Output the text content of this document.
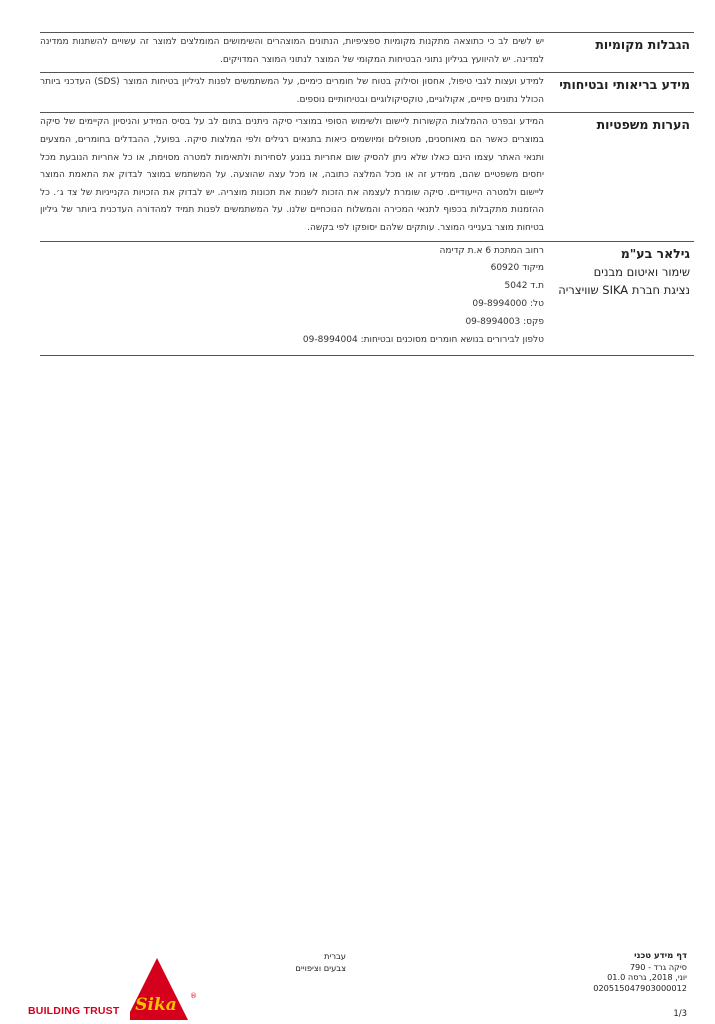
הגבלות מקומיות
יש לשים לב כי כתוצאה מתקנות מקומיות ספציפיות, הנתונים המוצהרים והשימושים המומלצים למוצר זה עשויים להשתנות ממדינה למדינה. יש להיוועץ בגיליון נתוני הבטיחות המקומי של המוצר לנתוני המוצר המדויקים.
מידע בריאותי ובטיחותי
למידע ועצות לגבי טיפול, אחסון וסילוק בטוח של חומרים כימיים, על המשתמשים לפנות לגיליון בטיחות המוצר (SDS) העדכני ביותר הכולל נתונים פיזיים, אקולוגיים, טוקסיקולוגיים ובטיחותיים נוספים.
הערות משפטיות
המידע ובפרט ההמלצות הקשורות ליישום ולשימוש הסופי במוצרי סיקה ניתנים בתום לב על בסיס המידע והניסיון הקיימים של סיקה במוצרים כאשר הם מאוחסנים, מטופלים ומיושמים כיאות בתנאים רגילים ולפי המלצות סיקה. בפועל, ההבדלים בחומרים, המצעים ותנאי האתר עצמו הינם כאלו שלא ניתן להסיק שום אחריות בנוגע לסחירות ולתאימות למטרה מסוימת, או כל אחריות הנובעת מכל יחסים משפטיים שהם, ממידע זה או מכל המלצה כתובה, או מכל עצה שהוצעה. על המשתמש במוצר לבדוק את התאמת המוצר ליישום ולמטרה הייעודיים. סיקה שומרת לעצמה את הזכות לשנות את תכונות מוצריה. יש לבדוק את הזכויות הקנייניות של צד ג׳. כל ההזמנות מתקבלות בכפוף לתנאי המכירה והמשלוח הנוכחיים שלנו. על המשתמשים לפנות תמיד למהדורה העדכנית ביותר של גיליון בטיחות מוצר בענייני המוצר. עותקים שלהם יסופקו לפי בקשה.
גילאר בע"מ
שימור ואיטום מבנים
נציגת חברת SIKA שוויצריה

רחוב המתכת 6 א.ת קדימה

מיקוד 60920

ת.ד 5042

טל: 09-8994000

פקס: 09-8994003

טלפון לבירורים בנושא חומרים מסוכנים ובטיחות: 09-8994004

דף מידע טכני
סיקה גרד - 790
יוני, 2018, גרסה 01.0
020515047903000012
עברית
צבעים וציפויים
1/3
BUILDING TRUST Sika ®
